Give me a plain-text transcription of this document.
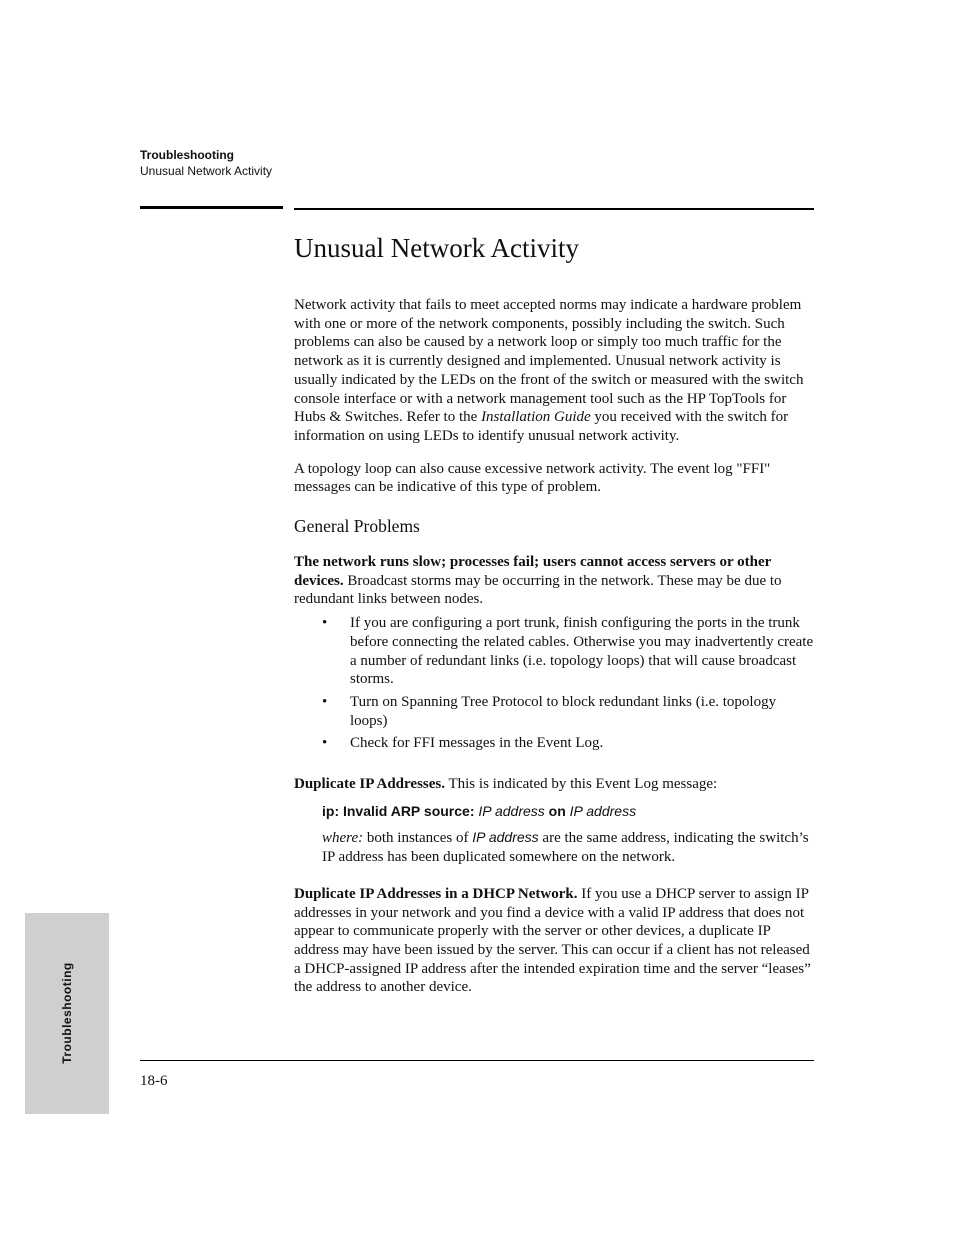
Troubleshooting
Unusual Network Activity
Unusual Network Activity

Network activity that fails to meet accepted norms may indicate a hardware problem with one or more of the network components, possibly including the switch. Such problems can also be caused by a network loop or simply too much traffic for the network as it is currently designed and implemented. Unusual network activity is usually indicated by the LEDs on the front of the switch or measured with the switch console interface or with a network management tool such as the HP TopTools for Hubs & Switches. Refer to the Installation Guide you received with the switch for information on using LEDs to identify unusual network activity.

A topology loop can also cause excessive network activity. The event log "FFI" messages can be indicative of this type of problem.

General Problems

The network runs slow; processes fail; users cannot access servers or other devices. Broadcast storms may be occurring in the network. These may be due to redundant links between nodes.

• If you are configuring a port trunk, finish configuring the ports in the trunk before connecting the related cables. Otherwise you may inadvertently create a number of redundant links (i.e. topology loops) that will cause broadcast storms.
• Turn on Spanning Tree Protocol to block redundant links (i.e. topology loops)
• Check for FFI messages in the Event Log.

Duplicate IP Addresses. This is indicated by this Event Log message:

ip: Invalid ARP source: IP address on IP address

where: both instances of IP address are the same address, indicating the switch’s IP address has been duplicated somewhere on the network.

Duplicate IP Addresses in a DHCP Network. If you use a DHCP server to assign IP addresses in your network and you find a device with a valid IP address that does not appear to communicate properly with the server or other devices, a duplicate IP address may have been issued by the server. This can occur if a client has not released a DHCP-assigned IP address after the intended expiration time and the server “leases” the address to another device.

18-6
Troubleshooting
